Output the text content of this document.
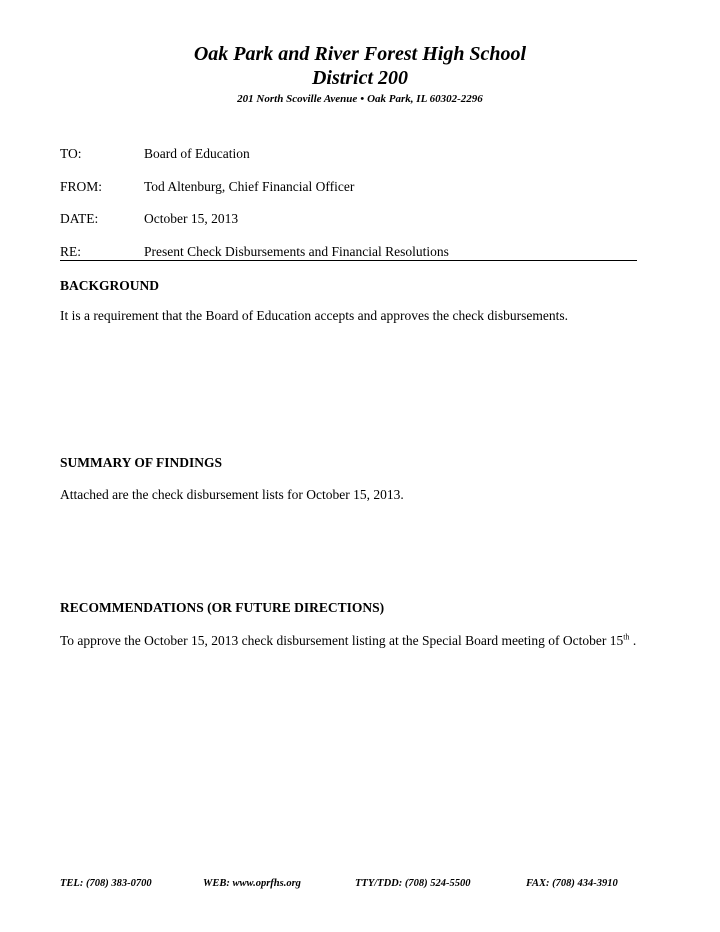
Oak Park and River Forest High School
District 200
201 North Scoville Avenue • Oak Park, IL 60302-2296
TO:	Board of Education
FROM:	Tod Altenburg, Chief Financial Officer
DATE:	October 15, 2013
RE:	Present Check Disbursements and Financial Resolutions
BACKGROUND
It is a requirement that the Board of Education accepts and approves the check disbursements.
SUMMARY OF FINDINGS
Attached are the check disbursement lists for October 15, 2013.
RECOMMENDATIONS (OR FUTURE DIRECTIONS)
To approve the October 15, 2013 check disbursement listing at the Special Board meeting of October 15th .
TEL: (708) 383-0700	WEB: www.oprfhs.org	TTY/TDD: (708) 524-5500	FAX: (708) 434-3910
